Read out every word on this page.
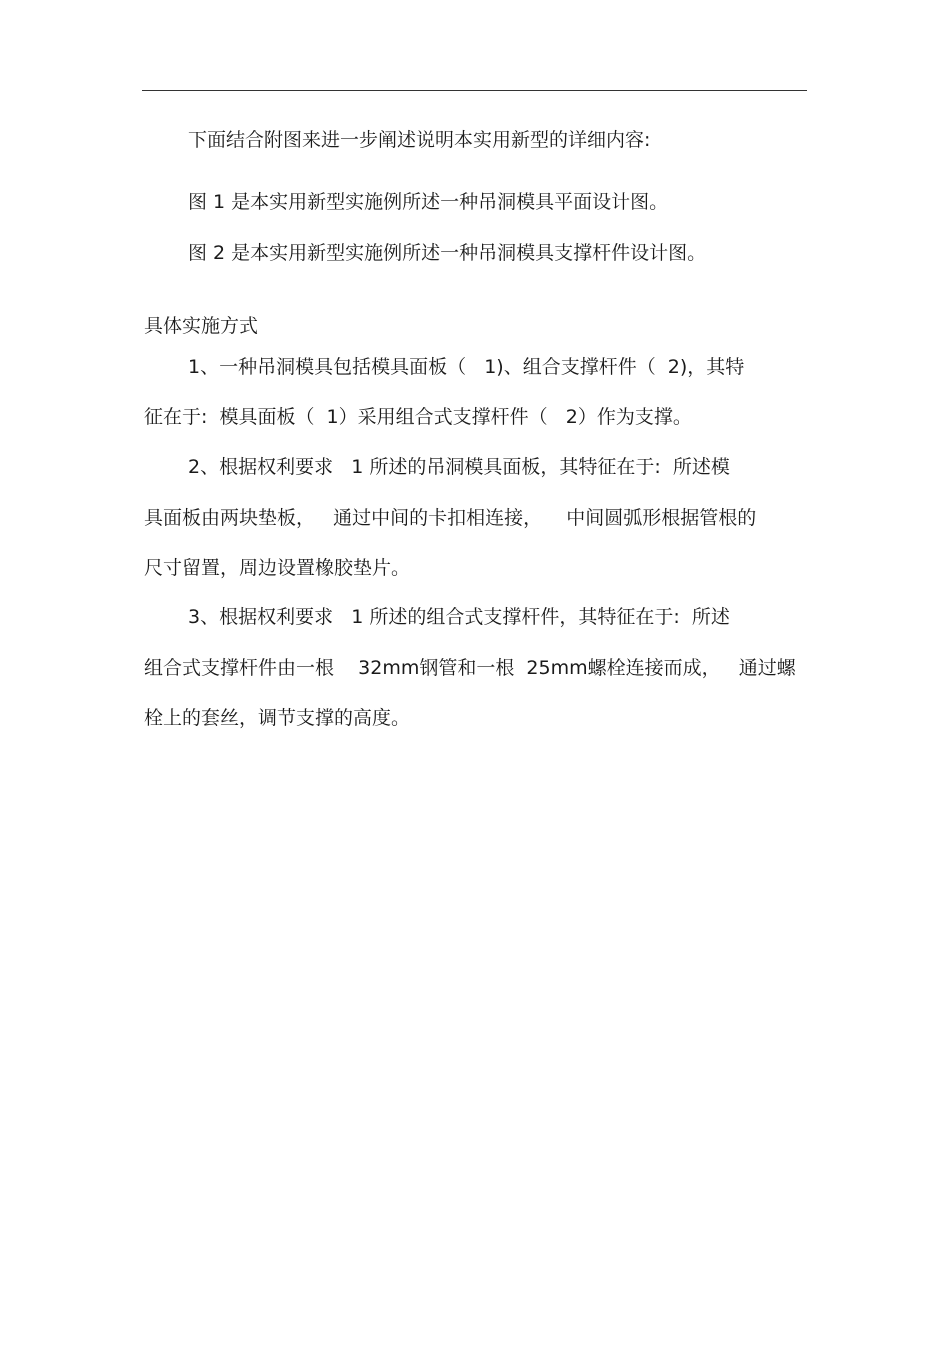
下面结合附图来进一步阐述说明本实用新型的详细内容:
图 1 是本实用新型实施例所述一种吊洞模具平面设计图。
图 2 是本实用新型实施例所述一种吊洞模具支撑杆件设计图。
具体实施方式
1、一种吊洞模具包括模具面板（   1)、组合支撑杆件（  2)，其特
征在于:  模具面板（  1）采用组合式支撑杆件（   2）作为支撑。
2、根据权利要求   1 所述的吊洞模具面板，其特征在于:  所述模
具面板由两块垫板，   通过中间的卡扣相连接，    中间圆弧形根据管根的
尺寸留置，周边设置橡胶垫片。
3、根据权利要求   1 所述的组合式支撑杆件，其特征在于:  所述
组合式支撑杆件由一根    32mm钢管和一根  25mm螺栓连接而成，   通过螺
栓上的套丝，调节支撑的高度。
